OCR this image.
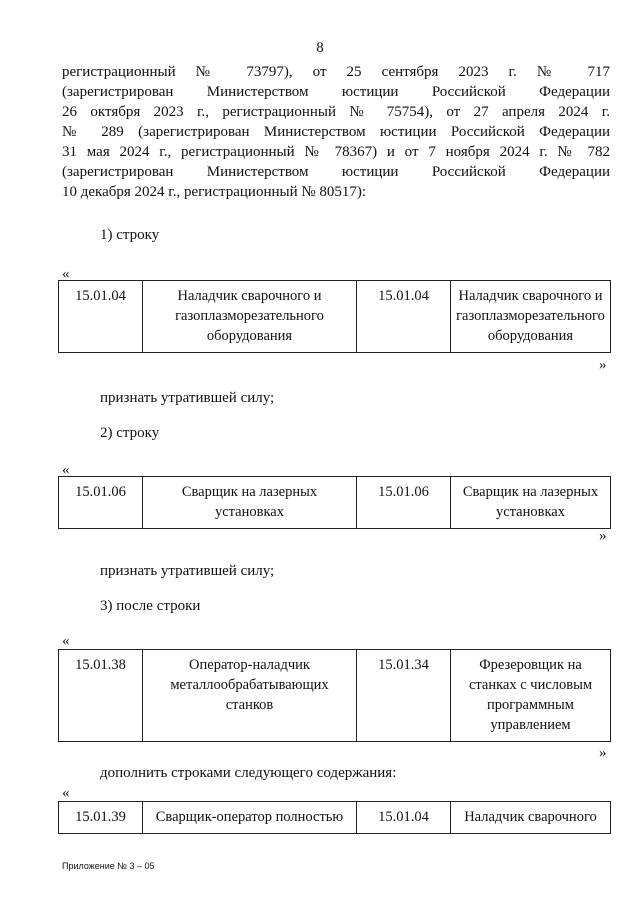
8
регистрационный № 73797), от 25 сентября 2023 г. № 717
(зарегистрирован Министерством юстиции Российской Федерации
26 октября 2023 г., регистрационный № 75754), от 27 апреля 2024 г.
№ 289 (зарегистрирован Министерством юстиции Российской Федерации
31 мая 2024 г., регистрационный № 78367) и от 7 ноября 2024 г. № 782
(зарегистрирован Министерством юстиции Российской Федерации
10 декабря 2024 г., регистрационный № 80517):
1) строку
«
15.01.04	Наладчик сварочного и газоплазморезательного оборудования	15.01.04	Наладчик сварочного и газоплазморезательного оборудования
»
признать утратившей силу;
2) строку
«
15.01.06	Сварщик на лазерных установках	15.01.06	Сварщик на лазерных установках
»
признать утратившей силу;
3) после строки
«
15.01.38	Оператор-наладчик металлообрабатывающих станков	15.01.34	Фрезеровщик на станках с числовым программным управлением
»
дополнить строками следующего содержания:
«
15.01.39	Сварщик-оператор полностью	15.01.04	Наладчик сварочного
Приложение № 3 – 05
